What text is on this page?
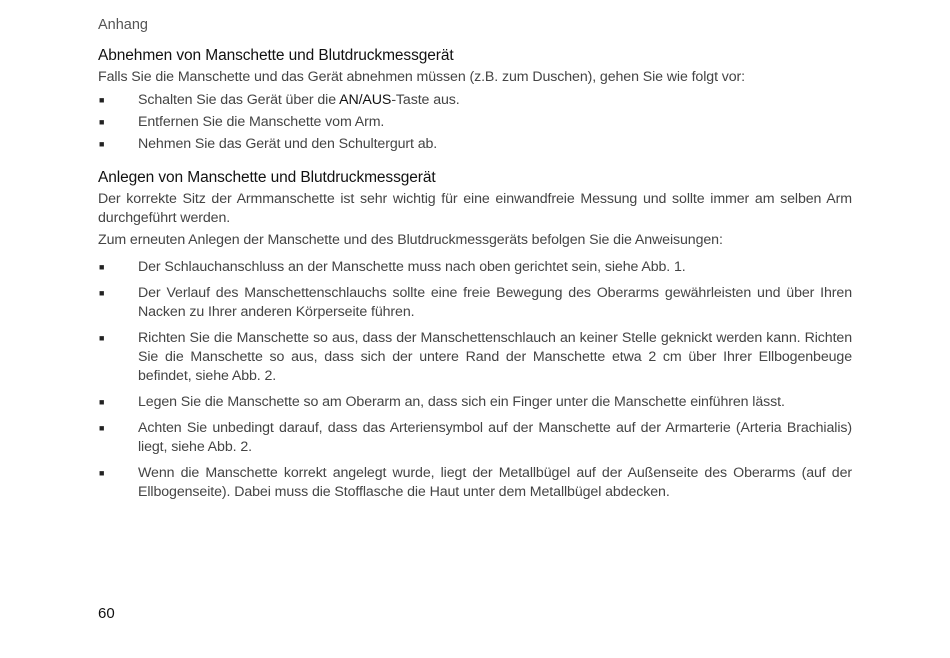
Anhang
Abnehmen von Manschette und Blutdruckmessgerät

Falls Sie die Manschette und das Gerät abnehmen müssen (z.B. zum Duschen), gehen Sie wie folgt vor:

■	Schalten Sie das Gerät über die AN/AUS-Taste aus.
■	Entfernen Sie die Manschette vom Arm.
■	Nehmen Sie das Gerät und den Schultergurt ab.
Anlegen von Manschette und Blutdruckmessgerät

Der korrekte Sitz der Armmanschette ist sehr wichtig für eine einwandfreie Messung und sollte immer am selben Arm durchgeführt werden.

Zum erneuten Anlegen der Manschette und des Blutdruckmessgeräts befolgen Sie die Anweisungen:

■	Der Schlauchanschluss an der Manschette muss nach oben gerichtet sein, siehe Abb. 1.
■	Der Verlauf des Manschettenschlauchs sollte eine freie Bewegung des Oberarms gewährleisten und über Ihren Nacken zu Ihrer anderen Körperseite führen.
■	Richten Sie die Manschette so aus, dass der Manschettenschlauch an keiner Stelle geknickt werden kann. Richten Sie die Manschette so aus, dass sich der untere Rand der Manschette etwa 2 cm über Ihrer Ellbogenbeuge befindet, siehe Abb. 2.
■	Legen Sie die Manschette so am Oberarm an, dass sich ein Finger unter die Manschette einführen lässt.
■	Achten Sie unbedingt darauf, dass das Arteriensymbol auf der Manschette auf der Armarterie (Arteria Brachialis) liegt, siehe Abb. 2.
■	Wenn die Manschette korrekt angelegt wurde, liegt der Metallbügel auf der Außenseite des Oberarms (auf der Ellbogenseite). Dabei muss die Stofflasche die Haut unter dem Metallbügel abdecken.
60
